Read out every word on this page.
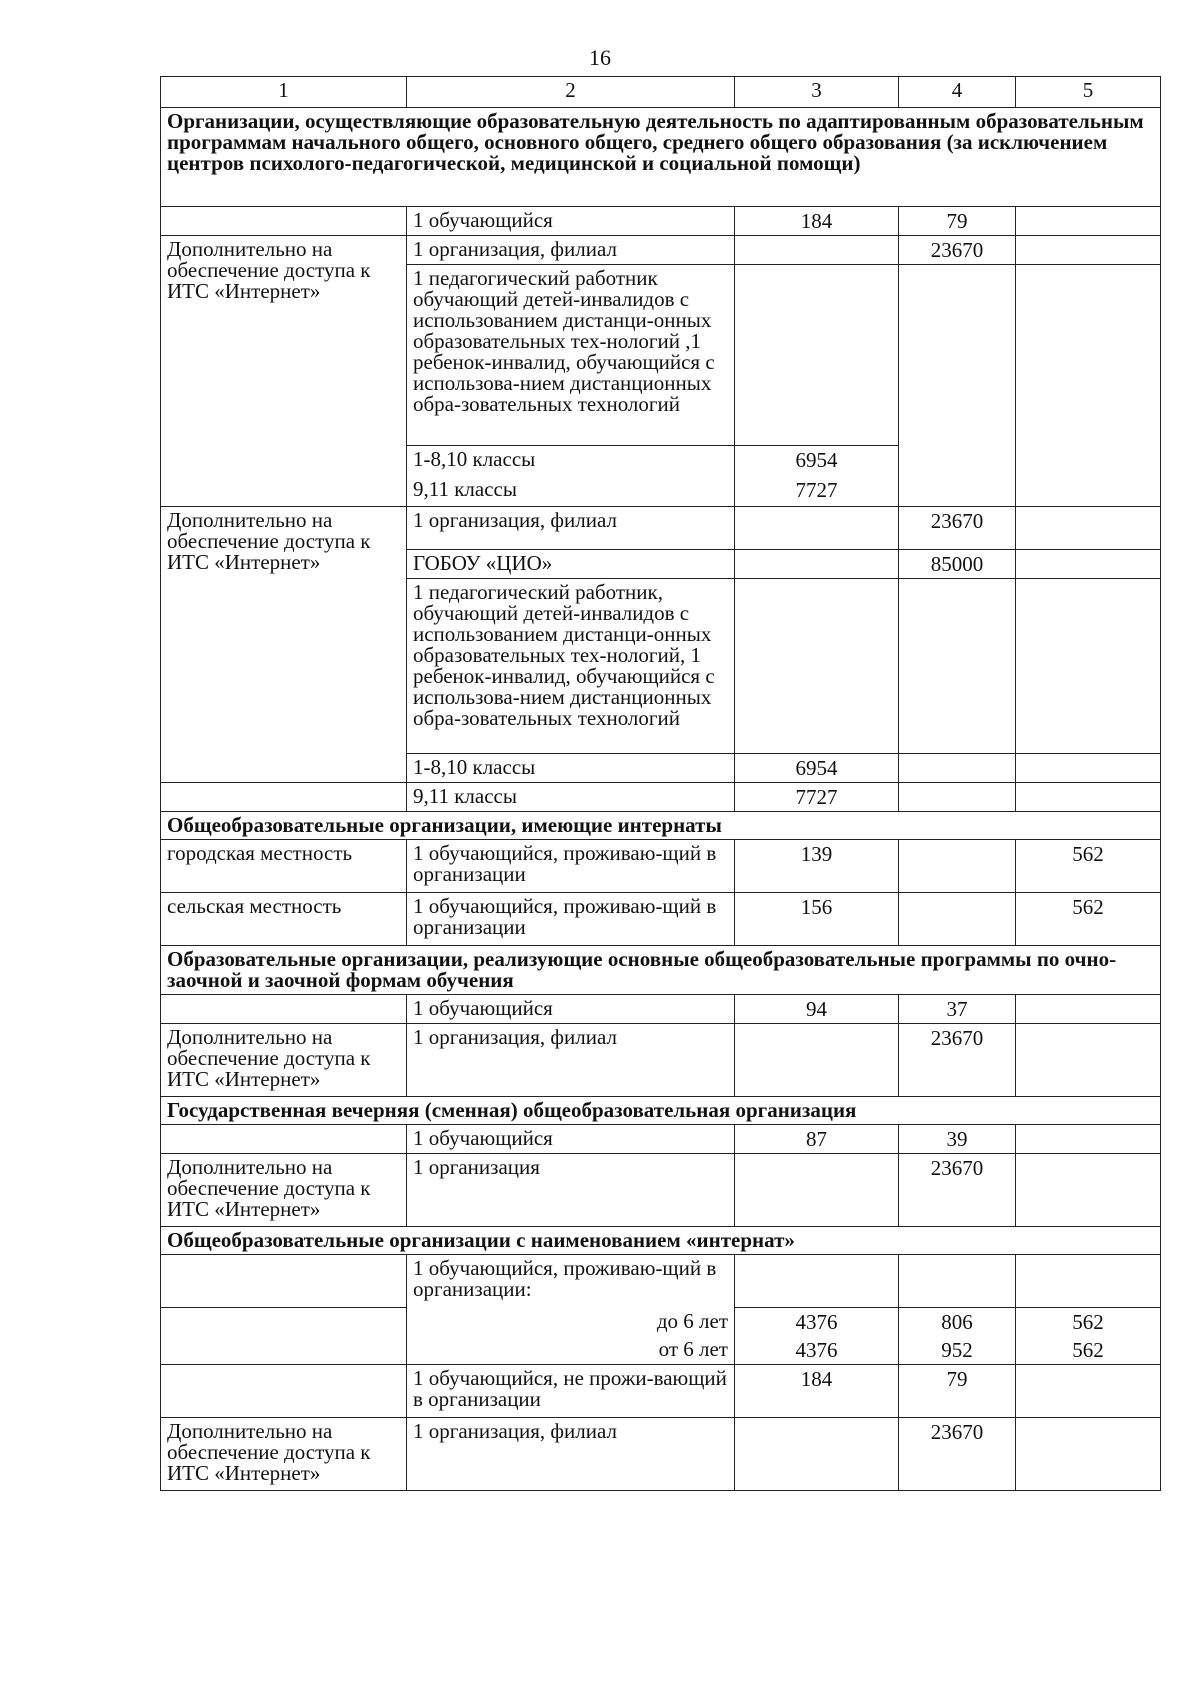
16
1	2	3	4	5
Организации, осуществляющие образовательную деятельность по адаптированным образовательным программам начального общего, основного общего, среднего общего образования (за исключением центров психолого-педагогической, медицинской и социальной помощи)				
	1 обучающийся	184	79	
Дополнительно на обеспечение доступа к ИТС «Интернет»	1 организация, филиал		23670	
	1 педагогический работник обучающий детей-инвалидов с использованием дистанци-онных образовательных тех-нологий ,1 ребенок-инвалид, обучающийся с использова-нием дистанционных обра-зовательных технологий			
	1-8,10 классы	6954		
	9,11 классы	7727		
Дополнительно на обеспечение доступа к ИТС «Интернет»	1 организация, филиал		23670	
	ГОБОУ «ЦИО»		85000	
	1 педагогический работник, обучающий детей-инвалидов с использованием дистанци-онных образовательных тех-нологий, 1 ребенок-инвалид, обучающийся с использова-нием дистанционных обра-зовательных технологий			
	1-8,10 классы	6954		
	9,11 классы	7727		
Общеобразовательные организации, имеющие интернаты				
городская местность	1 обучающийся, проживаю-щий в организации	139		562
сельская местность	1 обучающийся, проживаю-щий в организации	156		562
Образовательные организации, реализующие основные общеобразовательные программы по очно-заочной и заочной формам обучения				
	1 обучающийся	94	37	
Дополнительно на обеспечение доступа к ИТС «Интернет»	1 организация, филиал		23670	
Государственная вечерняя (сменная) общеобразовательная организация				
	1 обучающийся	87	39	
Дополнительно на обеспечение доступа к ИТС «Интернет»	1 организация		23670	
Общеобразовательные организации с наименованием «интернат»				
	1 обучающийся, проживаю-щий в организации:			
	до 6 лет	4376	806	562
	от 6 лет	4376	952	562
	1 обучающийся, не прожи-вающий в организации	184	79	
Дополнительно на обеспечение доступа к ИТС «Интернет»	1 организация, филиал		23670	
